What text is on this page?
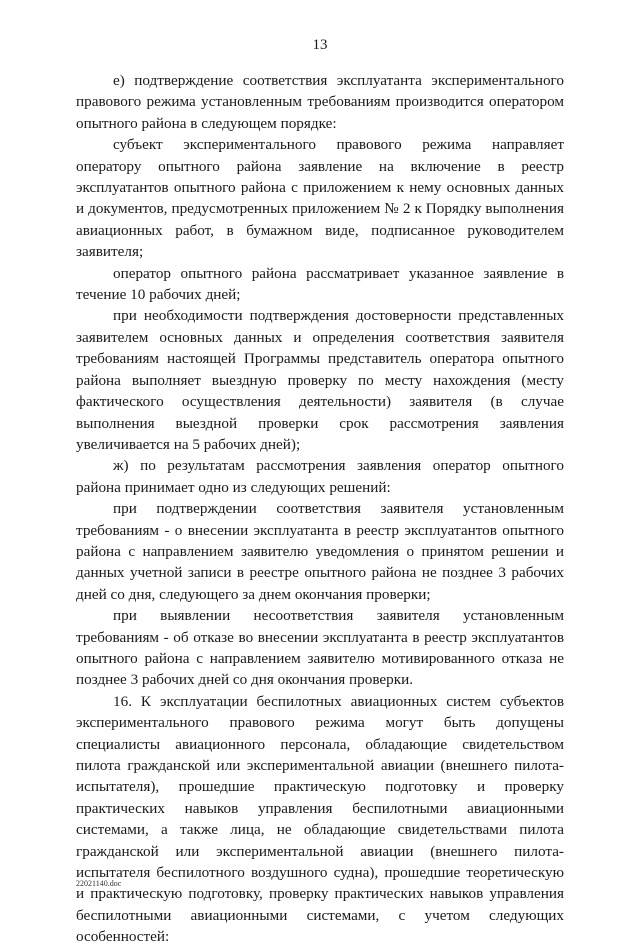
13

е) подтверждение соответствия эксплуатанта экспериментального правового режима установленным требованиям производится оператором опытного района в следующем порядке:

субъект экспериментального правового режима направляет оператору опытного района заявление на включение в реестр эксплуатантов опытного района с приложением к нему основных данных и документов, предусмотренных приложением № 2 к Порядку выполнения авиационных работ, в бумажном виде, подписанное руководителем заявителя;

оператор опытного района рассматривает указанное заявление в течение 10 рабочих дней;

при необходимости подтверждения достоверности представленных заявителем основных данных и определения соответствия заявителя требованиям настоящей Программы представитель оператора опытного района выполняет выездную проверку по месту нахождения (месту фактического осуществления деятельности) заявителя (в случае выполнения выездной проверки срок рассмотрения заявления увеличивается на 5 рабочих дней);

ж) по результатам рассмотрения заявления оператор опытного района принимает одно из следующих решений:

при подтверждении соответствия заявителя установленным требованиям - о внесении эксплуатанта в реестр эксплуатантов опытного района с направлением заявителю уведомления о принятом решении и данных учетной записи в реестре опытного района не позднее 3 рабочих дней со дня, следующего за днем окончания проверки;

при выявлении несоответствия заявителя установленным требованиям - об отказе во внесении эксплуатанта в реестр эксплуатантов опытного района с направлением заявителю мотивированного отказа не позднее 3 рабочих дней со дня окончания проверки.

16. К эксплуатации беспилотных авиационных систем субъектов экспериментального правового режима могут быть допущены специалисты авиационного персонала, обладающие свидетельством пилота гражданской или экспериментальной авиации (внешнего пилота-испытателя), прошедшие практическую подготовку и проверку практических навыков управления беспилотными авиационными системами, а также лица, не обладающие свидетельствами пилота гражданской или экспериментальной авиации (внешнего пилота-испытателя беспилотного воздушного судна), прошедшие теоретическую и практическую подготовку, проверку практических навыков управления беспилотными авиационными системами, с учетом следующих особенностей:

22021140.doc
